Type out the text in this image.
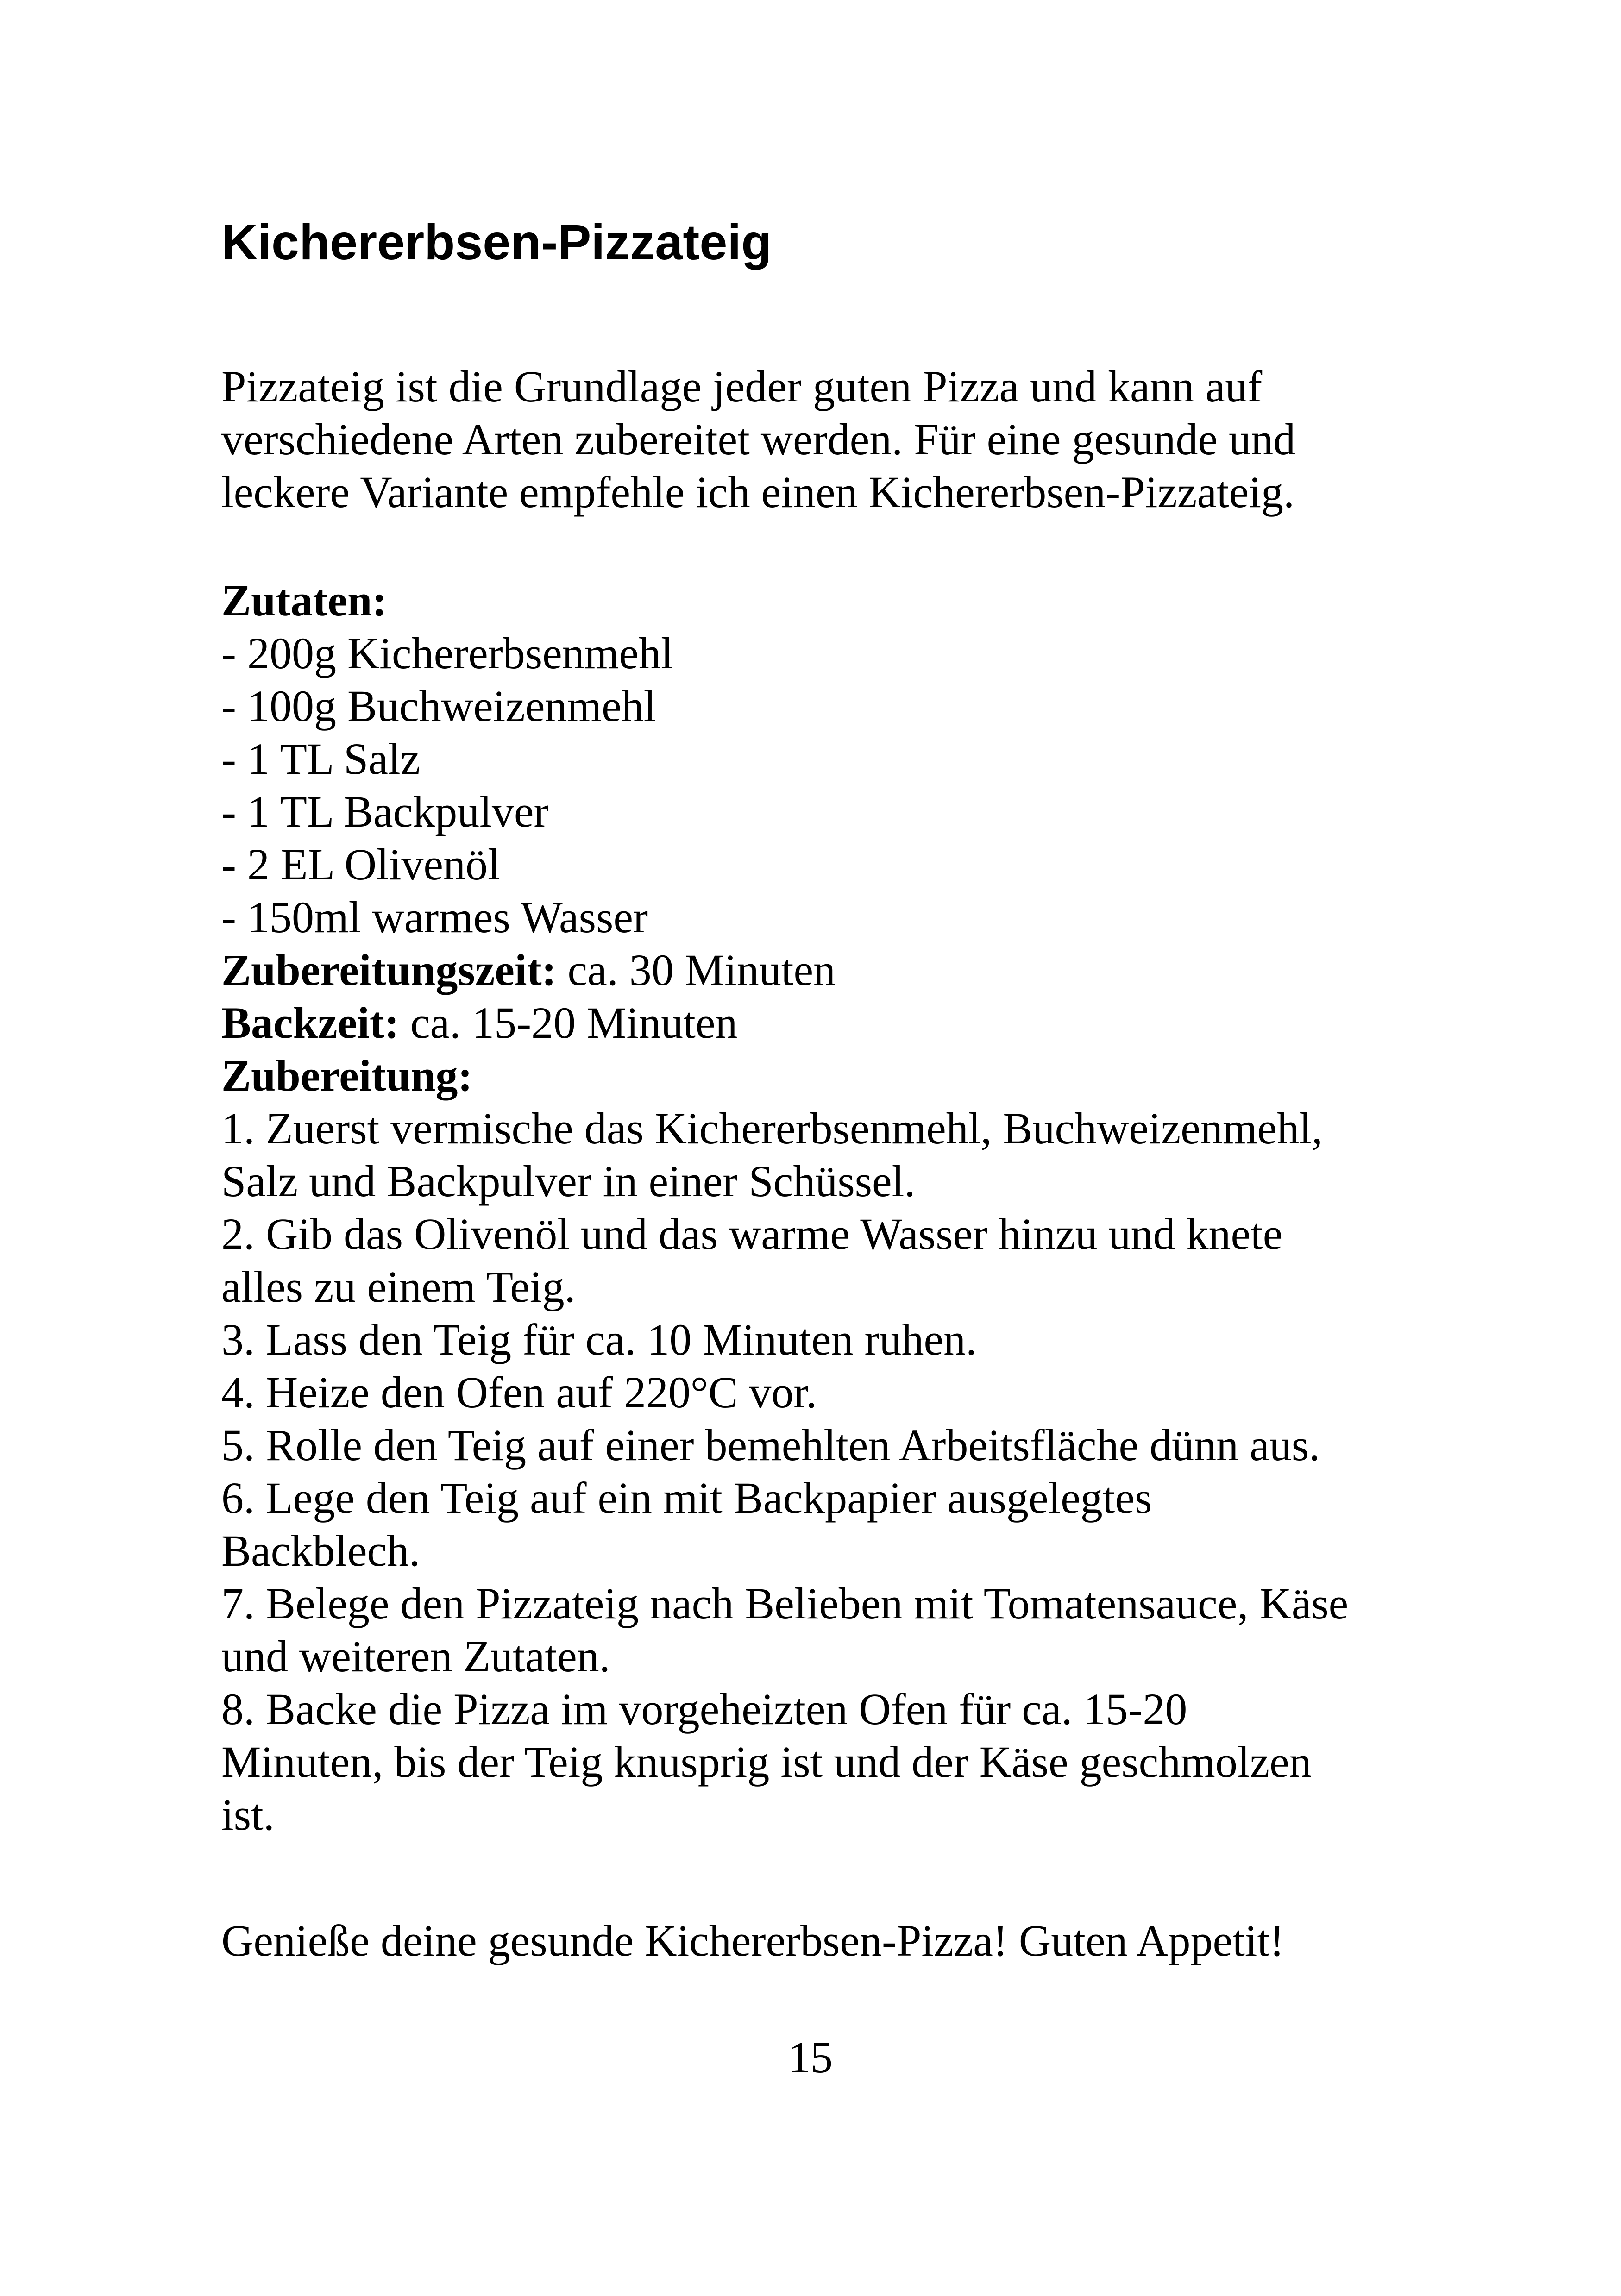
Kichererbsen-Pizzateig
Pizzateig ist die Grundlage jeder guten Pizza und kann auf
verschiedene Arten zubereitet werden. Für eine gesunde und
leckere Variante empfehle ich einen Kichererbsen-Pizzateig.
Zutaten:
- 200g Kichererbsenmehl
- 100g Buchweizenmehl
- 1 TL Salz
- 1 TL Backpulver
- 2 EL Olivenöl
- 150ml warmes Wasser
Zubereitungszeit: ca. 30 Minuten
Backzeit: ca. 15-20 Minuten
Zubereitung:
1. Zuerst vermische das Kichererbsenmehl, Buchweizenmehl,
Salz und Backpulver in einer Schüssel.
2. Gib das Olivenöl und das warme Wasser hinzu und knete
alles zu einem Teig.
3. Lass den Teig für ca. 10 Minuten ruhen.
4. Heize den Ofen auf 220°C vor.
5. Rolle den Teig auf einer bemehlten Arbeitsfläche dünn aus.
6. Lege den Teig auf ein mit Backpapier ausgelegtes
Backblech.
7. Belege den Pizzateig nach Belieben mit Tomatensauce, Käse
und weiteren Zutaten.
8. Backe die Pizza im vorgeheizten Ofen für ca. 15-20
Minuten, bis der Teig knusprig ist und der Käse geschmolzen
ist.
Genieße deine gesunde Kichererbsen-Pizza! Guten Appetit!
15
